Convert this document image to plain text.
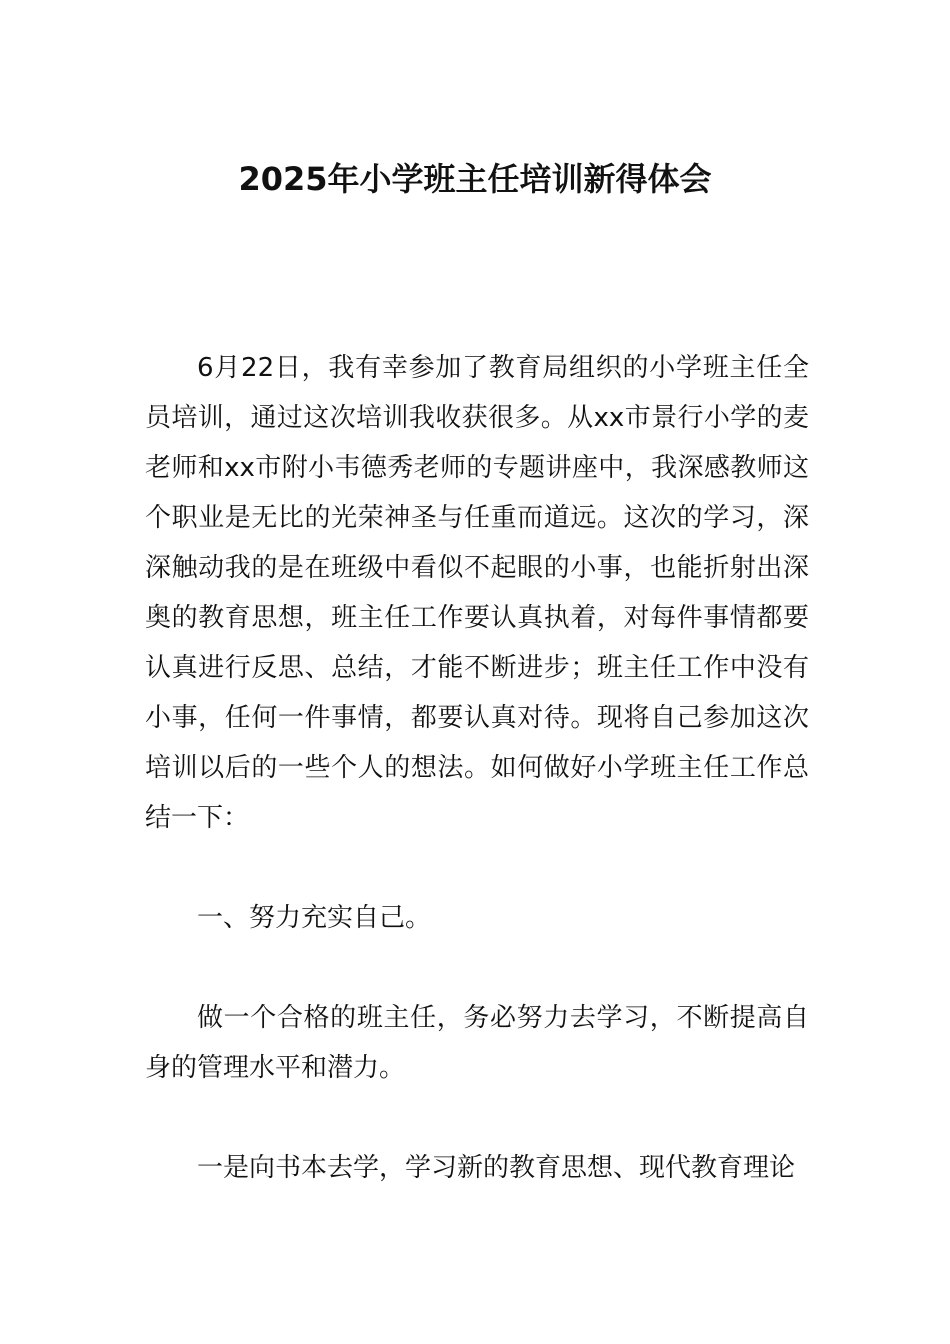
2025年小学班主任培训新得体会

6月22日，我有幸参加了教育局组织的小学班主任全员培训，通过这次培训我收获很多。从xx市景行小学的麦老师和xx市附小韦德秀老师的专题讲座中，我深感教师这个职业是无比的光荣神圣与任重而道远。这次的学习，深深触动我的是在班级中看似不起眼的小事，也能折射出深奥的教育思想，班主任工作要认真执着，对每件事情都要认真进行反思、总结，才能不断进步；班主任工作中没有小事，任何一件事情，都要认真对待。现将自己参加这次培训以后的一些个人的想法。如何做好小学班主任工作总结一下：

一、努力充实自己。

做一个合格的班主任，务必努力去学习，不断提高自身的管理水平和潜力。

一是向书本去学，学习新的教育思想、现代教育理论
